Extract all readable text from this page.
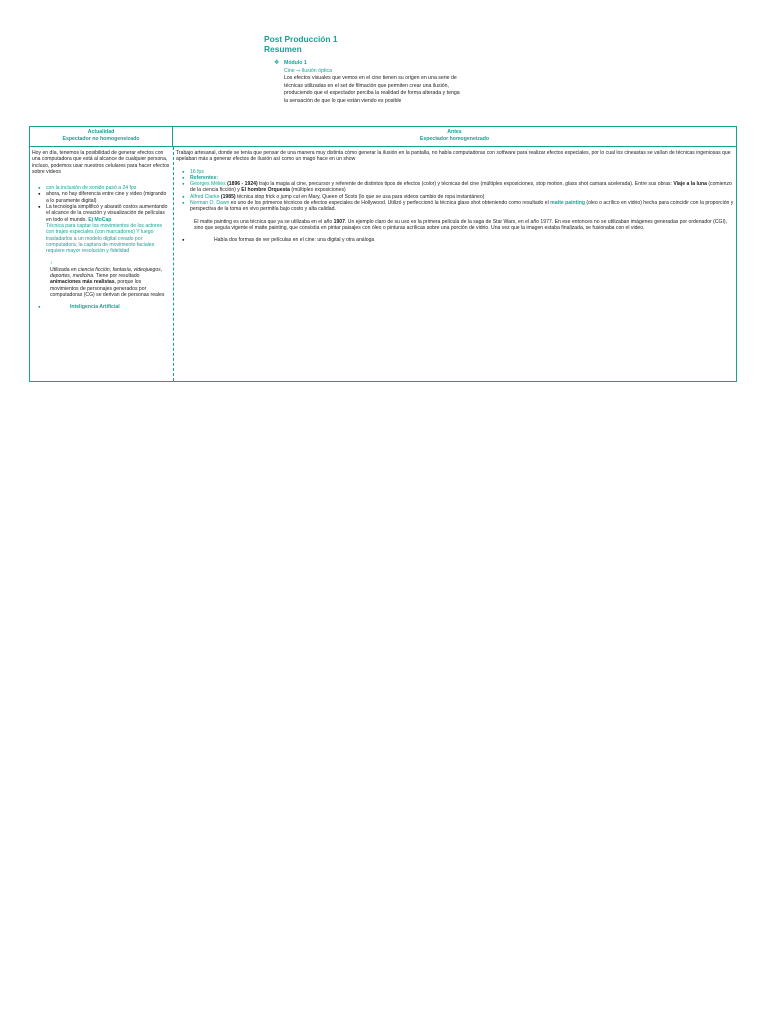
Post Producción 1
Resumen
❖ Módulo 1
Cine ⭢ Ilusión óptica
Los efectos visuales que vemos en el cine tienen su origen en una serie de
técnicas utilizadas en el set de filmación que permiten crear una ilusión,
produciendo que el espectador perciba la realidad de forma alterada y tenga
la sensación de que lo que están viendo es posible
Actualidad
Espectador no homogeneizado
Antes
Espectador homogeneizado
Hoy en día, tenemos la posibilidad de generar efectos con una computadora que está al alcance de cualquier persona, incluso, podemos usar nuestros celulares para hacer efectos sobre videos
● con la inclusión de sonido pasó a 24 fps
● ahora, no hay diferencia entre cine y video (migrando a lo puramente digital)
● La tecnología simplificó y abaratō costos aumentando el alcance de la creación y visualización de películas en todo el mundo. Ej MoCap
Técnica para captar los movimientos de los actores con trajes especiales (con marcadores) Y luego trasladarlos a un modelo digital creado por computadora; la captura de movimiento faciales requiere mayor resolución y fidelidad
↓
Utilizada en ciencia ficción, fantasía, videojuegos, deportes, medicina. Tiene por resultado animaciones más realistas, porque los movimientos de personajes generados por computadoras (CG) se derivan de personas reales
● Inteligencia Artificial
Trabajo artesanal, donde se tenía que pensar de una manera muy distinta cómo generar la ilusión en la pantalla, no había computadoras con software para realizar efectos especiales, por lo cual los cineastas se valían de técnicas ingeniosas que apelaban más a generar efectos de ilusión así como un mago hace en un show
● 16 fps
● Referentes:
● Georges Méliès (1896 - 1924) trajo la magia al cine, precursor y referente de distintos tipos de efectos (color) y técnicas del cine (múltiples exposiciones, stop motion, glass shot camara acelerada). Entre sus obras: Viaje a la luna (comienzo de la ciencia ficción) y El hombre Orquesta (múltiples exposiciones)
● Alfred Clarke (1985) técnica stop frick o jump cut en Mary, Queen of Scots (lo que se usa para videos cambio de ropa instantáneo)
● Norman O. Dawn es uno de los primeros técnicos de efectos especiales de Hollywood. Utilizó y perfeccionó la técnica glass shot obteniendo como resultado el matte painting (oleo o acrílico en vidrio) hecha para coincidir con la proporción y perspectiva de la toma en vivo permitía bajo costo y alta calidad.
El matte painting es una técnica que ya se utilizaba en el año 1907. Un ejemplo claro de su uso es la primera película de la saga de Star Wars, en el año 1977. En ese entonces no se utilizaban imágenes generadas por ordenador (CGI), sino que seguía vigente el matte painting, que consistía en pintar paisajes con óleo o pinturas acrílicas sobre una porción de vidrio. Una vez que la imagen estaba finalizada, se fusionaba con el video.
● Había dos formas de ver películas en el cine: una digital y otra análoga
